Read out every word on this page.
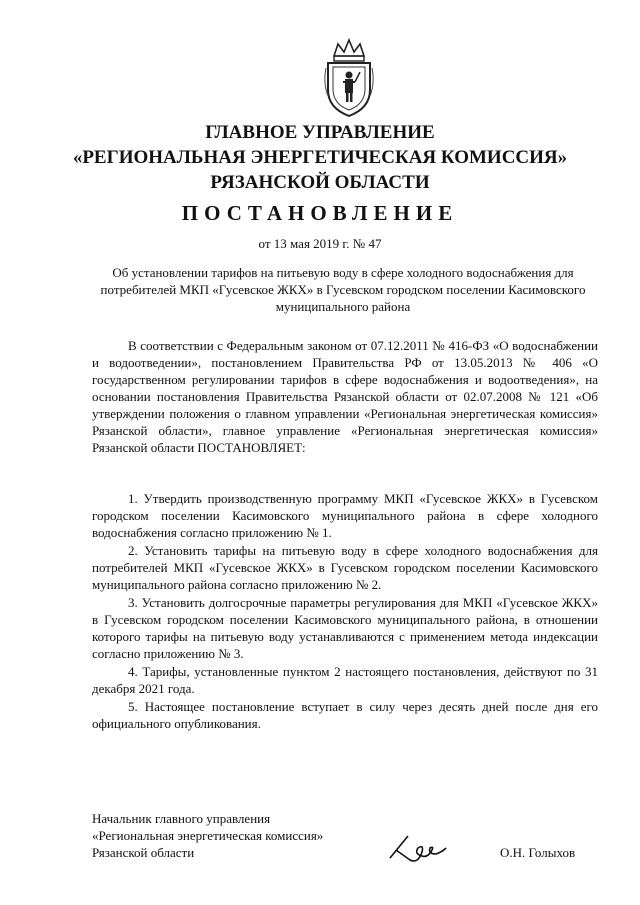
ГЛАВНОЕ УПРАВЛЕНИЕ
«РЕГИОНАЛЬНАЯ ЭНЕРГЕТИЧЕСКАЯ КОМИССИЯ»
РЯЗАНСКОЙ ОБЛАСТИ
ПОСТАНОВЛЕНИЕ
от 13 мая 2019 г. № 47
Об установлении тарифов на питьевую воду в сфере холодного водоснабжения для потребителей МКП «Гусевское ЖКХ» в Гусевском городском поселении Касимовского муниципального района
В соответствии с Федеральным законом от 07.12.2011 № 416-ФЗ «О водоснабжении и водоотведении», постановлением Правительства РФ от 13.05.2013 № 406 «О государственном регулировании тарифов в сфере водоснабжения и водоотведения», на основании постановления Правительства Рязанской области от 02.07.2008 № 121 «Об утверждении положения о главном управлении «Региональная энергетическая комиссия» Рязанской области», главное управление «Региональная энергетическая комиссия» Рязанской области ПОСТАНОВЛЯЕТ:

1. Утвердить производственную программу МКП «Гусевское ЖКХ» в Гусевском городском поселении Касимовского муниципального района в сфере холодного водоснабжения согласно приложению № 1.

2. Установить тарифы на питьевую воду в сфере холодного водоснабжения для потребителей МКП «Гусевское ЖКХ» в Гусевском городском поселении Касимовского муниципального района согласно приложению № 2.

3. Установить долгосрочные параметры регулирования для МКП «Гусевское ЖКХ» в Гусевском городском поселении Касимовского муниципального района, в отношении которого тарифы на питьевую воду устанавливаются с применением метода индексации согласно приложению № 3.

4. Тарифы, установленные пунктом 2 настоящего постановления, действуют по 31 декабря 2021 года.

5. Настоящее постановление вступает в силу через десять дней после дня его официального опубликования.

Начальник главного управления
«Региональная энергетическая комиссия»
Рязанской области	О.Н. Голыхов
